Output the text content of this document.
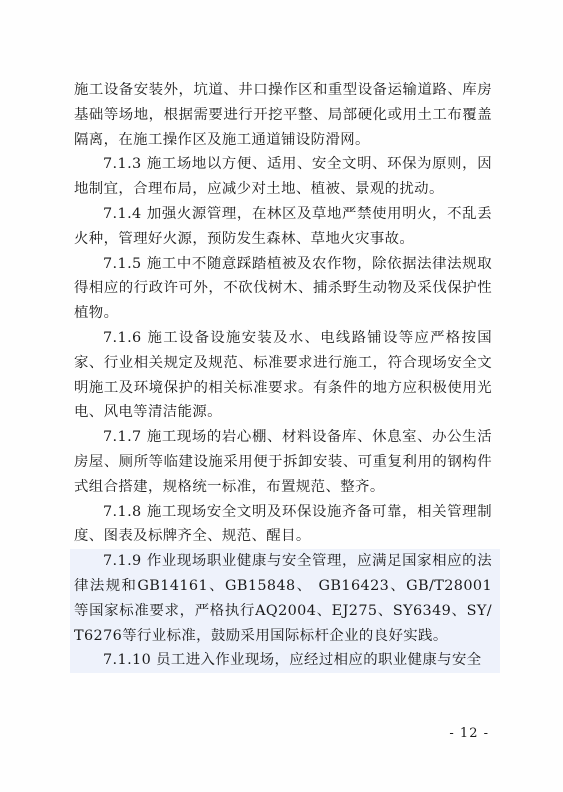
施工设备安装外，坑道、井口操作区和重型设备运输道路、库房基础等场地，根据需要进行开挖平整、局部硬化或用土工布覆盖隔离，在施工操作区及施工通道铺设防滑网。

7.1.3 施工场地以方便、适用、安全文明、环保为原则，因地制宜，合理布局，应减少对土地、植被、景观的扰动。

7.1.4 加强火源管理，在林区及草地严禁使用明火，不乱丢火种，管理好火源，预防发生森林、草地火灾事故。

7.1.5 施工中不随意踩踏植被及农作物，除依据法律法规取得相应的行政许可外，不砍伐树木、捕杀野生动物及采伐保护性植物。

7.1.6 施工设备设施安装及水、电线路铺设等应严格按国家、行业相关规定及规范、标准要求进行施工，符合现场安全文明施工及环境保护的相关标准要求。有条件的地方应积极使用光电、风电等清洁能源。

7.1.7 施工现场的岩心棚、材料设备库、休息室、办公生活房屋、厕所等临建设施采用便于拆卸安装、可重复利用的钢构件式组合搭建，规格统一标准，布置规范、整齐。

7.1.8 施工现场安全文明及环保设施齐备可靠，相关管理制度、图表及标牌齐全、规范、醒目。

7.1.9 作业现场职业健康与安全管理，应满足国家相应的法律法规和GB14161、GB15848、 GB16423、GB/T28001等国家标准要求，严格执行AQ2004、EJ275、SY6349、SY/T6276等行业标准，鼓励采用国际标杆企业的良好实践。

7.1.10 员工进入作业现场，应经过相应的职业健康与安全

- 12 -
